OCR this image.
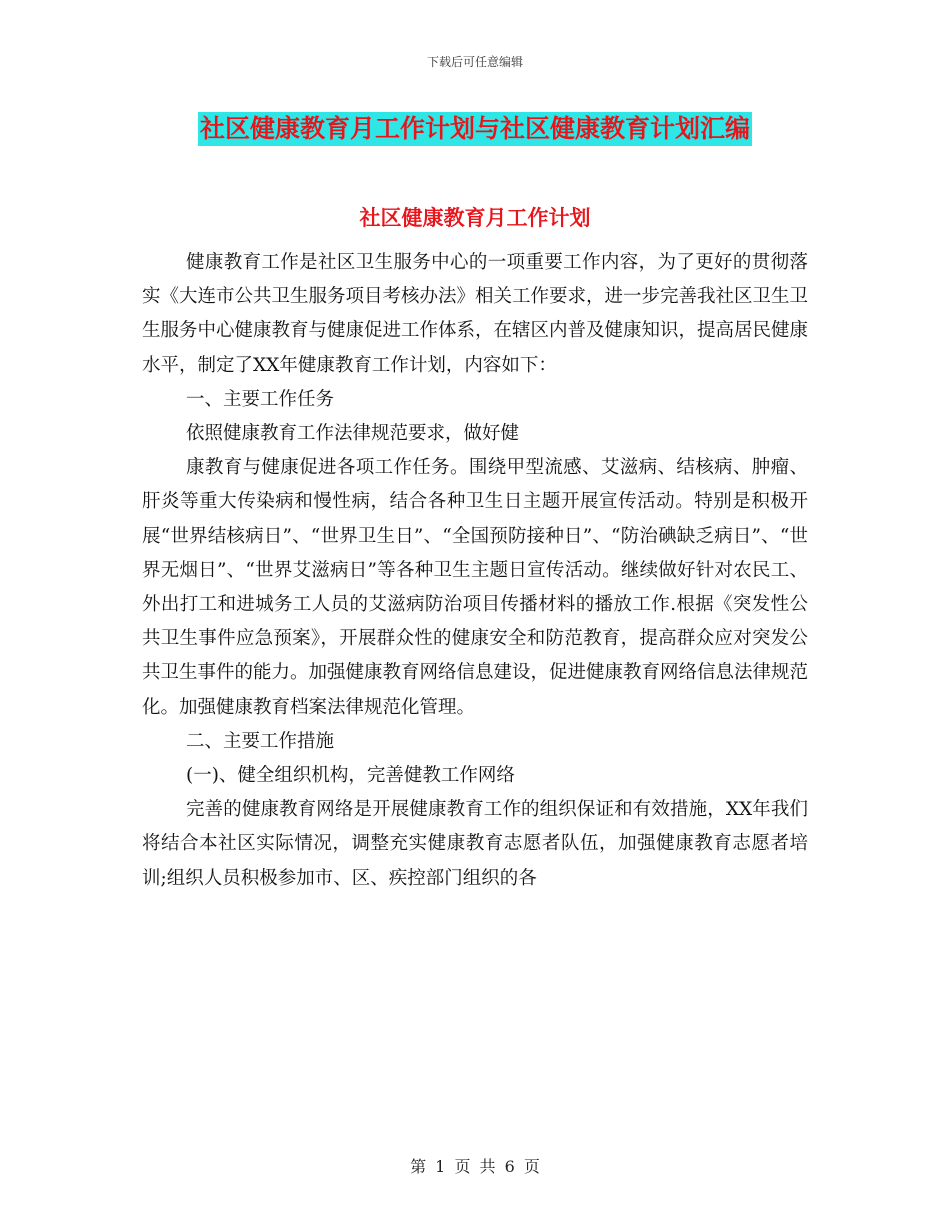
下载后可任意编辑
社区健康教育月工作计划与社区健康教育计划汇编
社区健康教育月工作计划

健康教育工作是社区卫生服务中心的一项重要工作内容，为了更好的贯彻落实《大连市公共卫生服务项目考核办法》相关工作要求，进一步完善我社区卫生卫生服务中心健康教育与健康促进工作体系，在辖区内普及健康知识，提高居民健康水平，制定了XX年健康教育工作计划，内容如下：

一、主要工作任务

依照健康教育工作法律规范要求，做好健

康教育与健康促进各项工作任务。围绕甲型流感、艾滋病、结核病、肿瘤、肝炎等重大传染病和慢性病，结合各种卫生日主题开展宣传活动。特别是积极开展“世界结核病日”、“世界卫生日”、“全国预防接种日”、“防治碘缺乏病日”、“世界无烟日”、“世界艾滋病日”等各种卫生主题日宣传活动。继续做好针对农民工、外出打工和进城务工人员的艾滋病防治项目传播材料的播放工作.根据《突发性公共卫生事件应急预案》，开展群众性的健康安全和防范教育，提高群众应对突发公共卫生事件的能力。加强健康教育网络信息建设，促进健康教育网络信息法律规范化。加强健康教育档案法律规范化管理。

二、主要工作措施

(一)、健全组织机构，完善健教工作网络

完善的健康教育网络是开展健康教育工作的组织保证和有效措施，XX年我们将结合本社区实际情况，调整充实健康教育志愿者队伍，加强健康教育志愿者培训;组织人员积极参加市、区、疾控部门组织的各

第 1 页 共 6 页
